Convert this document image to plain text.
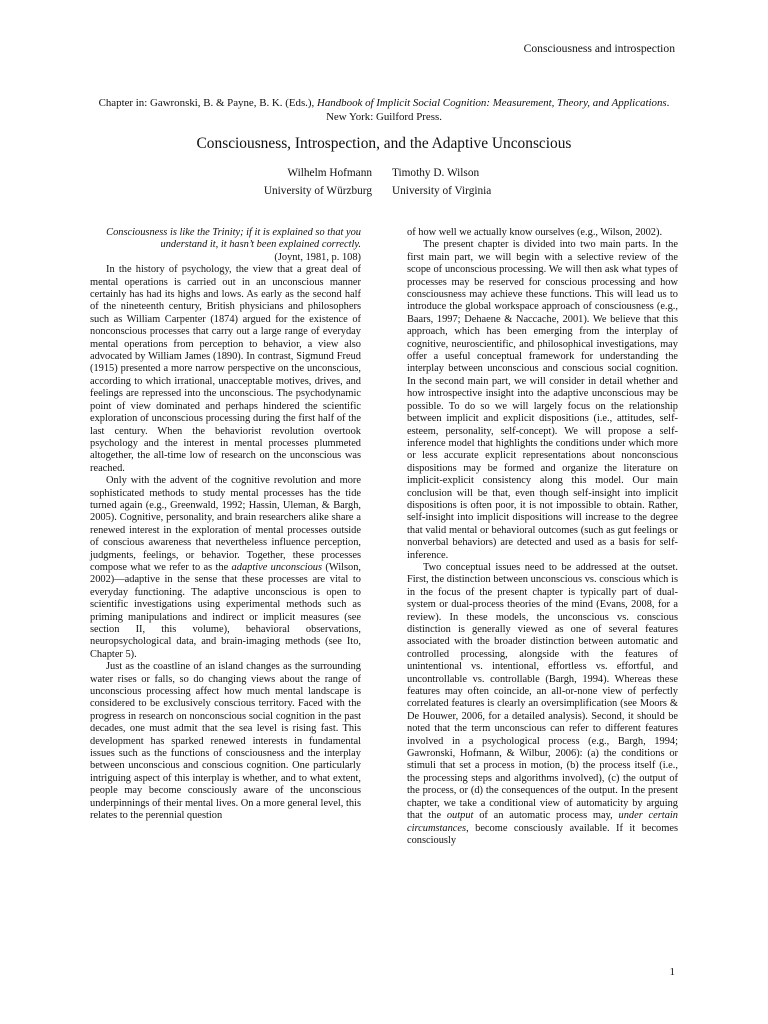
Consciousness and introspection
Chapter in: Gawronski, B. & Payne, B. K. (Eds.), Handbook of Implicit Social Cognition: Measurement, Theory, and Applications. New York: Guilford Press.
Consciousness, Introspection, and the Adaptive Unconscious
Wilhelm Hofmann
University of Würzburg
Timothy D. Wilson
University of Virginia

Consciousness is like the Trinity; if it is explained so that you understand it, it hasn’t been explained correctly.

(Joynt, 1981, p. 108)

In the history of psychology, the view that a great deal of mental operations is carried out in an unconscious manner certainly has had its highs and lows. As early as the second half of the nineteenth century, British physicians and philosophers such as William Carpenter (1874) argued for the existence of nonconscious processes that carry out a large range of everyday mental operations from perception to behavior, a view also advocated by William James (1890). In contrast, Sigmund Freud (1915) presented a more narrow perspective on the unconscious, according to which irrational, unacceptable motives, drives, and feelings are repressed into the unconscious. The psychodynamic point of view dominated and perhaps hindered the scientific exploration of unconscious processing during the first half of the last century. When the behaviorist revolution overtook psychology and the interest in mental processes plummeted altogether, the all-time low of research on the unconscious was reached.

Only with the advent of the cognitive revolution and more sophisticated methods to study mental processes has the tide turned again (e.g., Greenwald, 1992; Hassin, Uleman, & Bargh, 2005). Cognitive, personality, and brain researchers alike share a renewed interest in the exploration of mental processes outside of conscious awareness that nevertheless influence perception, judgments, feelings, or behavior. Together, these processes compose what we refer to as the adaptive unconscious (Wilson, 2002)—adaptive in the sense that these processes are vital to everyday functioning. The adaptive unconscious is open to scientific investigations using experimental methods such as priming manipulations and indirect or implicit measures (see section II, this volume), behavioral observations, neuropsychological data, and brain-imaging methods (see Ito, Chapter 5).

Just as the coastline of an island changes as the surrounding water rises or falls, so do changing views about the range of unconscious processing affect how much mental landscape is considered to be exclusively conscious territory. Faced with the progress in research on nonconscious social cognition in the past decades, one must admit that the sea level is rising fast. This development has sparked renewed interests in fundamental issues such as the functions of consciousness and the interplay between unconscious and conscious cognition. One particularly intriguing aspect of this interplay is whether, and to what extent, people may become consciously aware of the unconscious underpinnings of their mental lives. On a more general level, this relates to the perennial question

of how well we actually know ourselves (e.g., Wilson, 2002).

The present chapter is divided into two main parts. In the first main part, we will begin with a selective review of the scope of unconscious processing. We will then ask what types of processes may be reserved for conscious processing and how consciousness may achieve these functions. This will lead us to introduce the global workspace approach of consciousness (e.g., Baars, 1997; Dehaene & Naccache, 2001). We believe that this approach, which has been emerging from the interplay of cognitive, neuroscientific, and philosophical investigations, may offer a useful conceptual framework for understanding the interplay between unconscious and conscious social cognition. In the second main part, we will consider in detail whether and how introspective insight into the adaptive unconscious may be possible. To do so we will largely focus on the relationship between implicit and explicit dispositions (i.e., attitudes, self-esteem, personality, self-concept). We will propose a self-inference model that highlights the conditions under which more or less accurate explicit representations about nonconscious dispositions may be formed and organize the literature on implicit-explicit consistency along this model. Our main conclusion will be that, even though self-insight into implicit dispositions is often poor, it is not impossible to obtain. Rather, self-insight into implicit dispositions will increase to the degree that valid mental or behavioral outcomes (such as gut feelings or nonverbal behaviors) are detected and used as a basis for self-inference.

Two conceptual issues need to be addressed at the outset. First, the distinction between unconscious vs. conscious which is in the focus of the present chapter is typically part of dual-system or dual-process theories of the mind (Evans, 2008, for a review). In these models, the unconscious vs. conscious distinction is generally viewed as one of several features associated with the broader distinction between automatic and controlled processing, alongside with the features of unintentional vs. intentional, effortless vs. effortful, and uncontrollable vs. controllable (Bargh, 1994). Whereas these features may often coincide, an all-or-none view of perfectly correlated features is clearly an oversimplification (see Moors & De Houwer, 2006, for a detailed analysis). Second, it should be noted that the term unconscious can refer to different features involved in a psychological process (e.g., Bargh, 1994; Gawronski, Hofmann, & Wilbur, 2006): (a) the conditions or stimuli that set a process in motion, (b) the process itself (i.e., the processing steps and algorithms involved), (c) the output of the process, or (d) the consequences of the output. In the present chapter, we take a conditional view of automaticity by arguing that the output of an automatic process may, under certain circumstances, become consciously available. If it becomes consciously

1
